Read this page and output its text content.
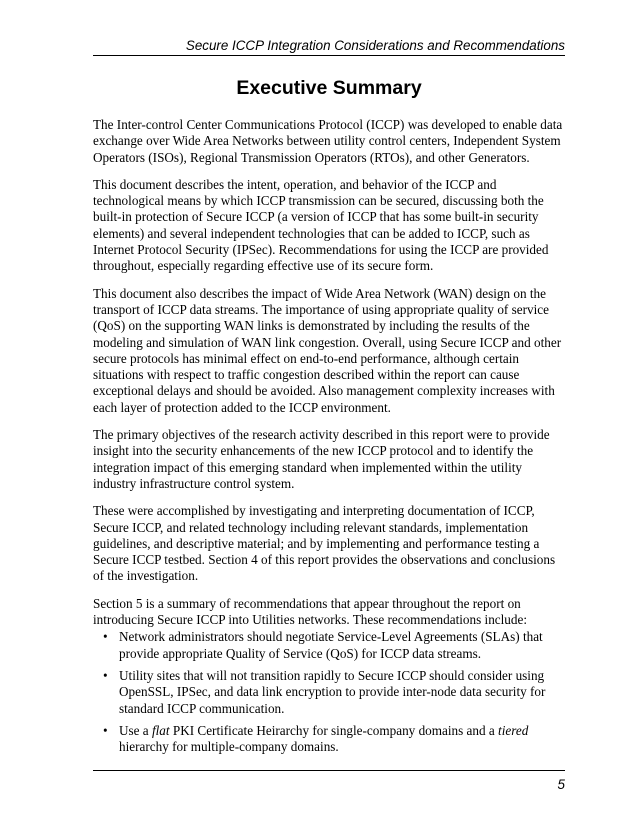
Secure ICCP Integration Considerations and Recommendations
Executive Summary

The Inter-control Center Communications Protocol (ICCP) was developed to enable data exchange over Wide Area Networks between utility control centers, Independent System Operators (ISOs), Regional Transmission Operators (RTOs), and other Generators.

This document describes the intent, operation, and behavior of the ICCP and technological means by which ICCP transmission can be secured, discussing both the built-in protection of Secure ICCP (a version of ICCP that has some built-in security elements) and several independent technologies that can be added to ICCP, such as Internet Protocol Security (IPSec). Recommendations for using the ICCP are provided throughout, especially regarding effective use of its secure form.

This document also describes the impact of Wide Area Network (WAN) design on the transport of ICCP data streams. The importance of using appropriate quality of service (QoS) on the supporting WAN links is demonstrated by including the results of the modeling and simulation of WAN link congestion. Overall, using Secure ICCP and other secure protocols has minimal effect on end-to-end performance, although certain situations with respect to traffic congestion described within the report can cause exceptional delays and should be avoided. Also management complexity increases with each layer of protection added to the ICCP environment.

The primary objectives of the research activity described in this report were to provide insight into the security enhancements of the new ICCP protocol and to identify the integration impact of this emerging standard when implemented within the utility industry infrastructure control system.

These were accomplished by investigating and interpreting documentation of ICCP, Secure ICCP, and related technology including relevant standards, implementation guidelines, and descriptive material; and by implementing and performance testing a Secure ICCP testbed. Section 4 of this report provides the observations and conclusions of the investigation.

Section 5 is a summary of recommendations that appear throughout the report on introducing Secure ICCP into Utilities networks. These recommendations include:

• Network administrators should negotiate Service-Level Agreements (SLAs) that provide appropriate Quality of Service (QoS) for ICCP data streams.
• Utility sites that will not transition rapidly to Secure ICCP should consider using OpenSSL, IPSec, and data link encryption to provide inter-node data security for standard ICCP communication.
• Use a flat PKI Certificate Heirarchy for single-company domains and a tiered hierarchy for multiple-company domains.
5
